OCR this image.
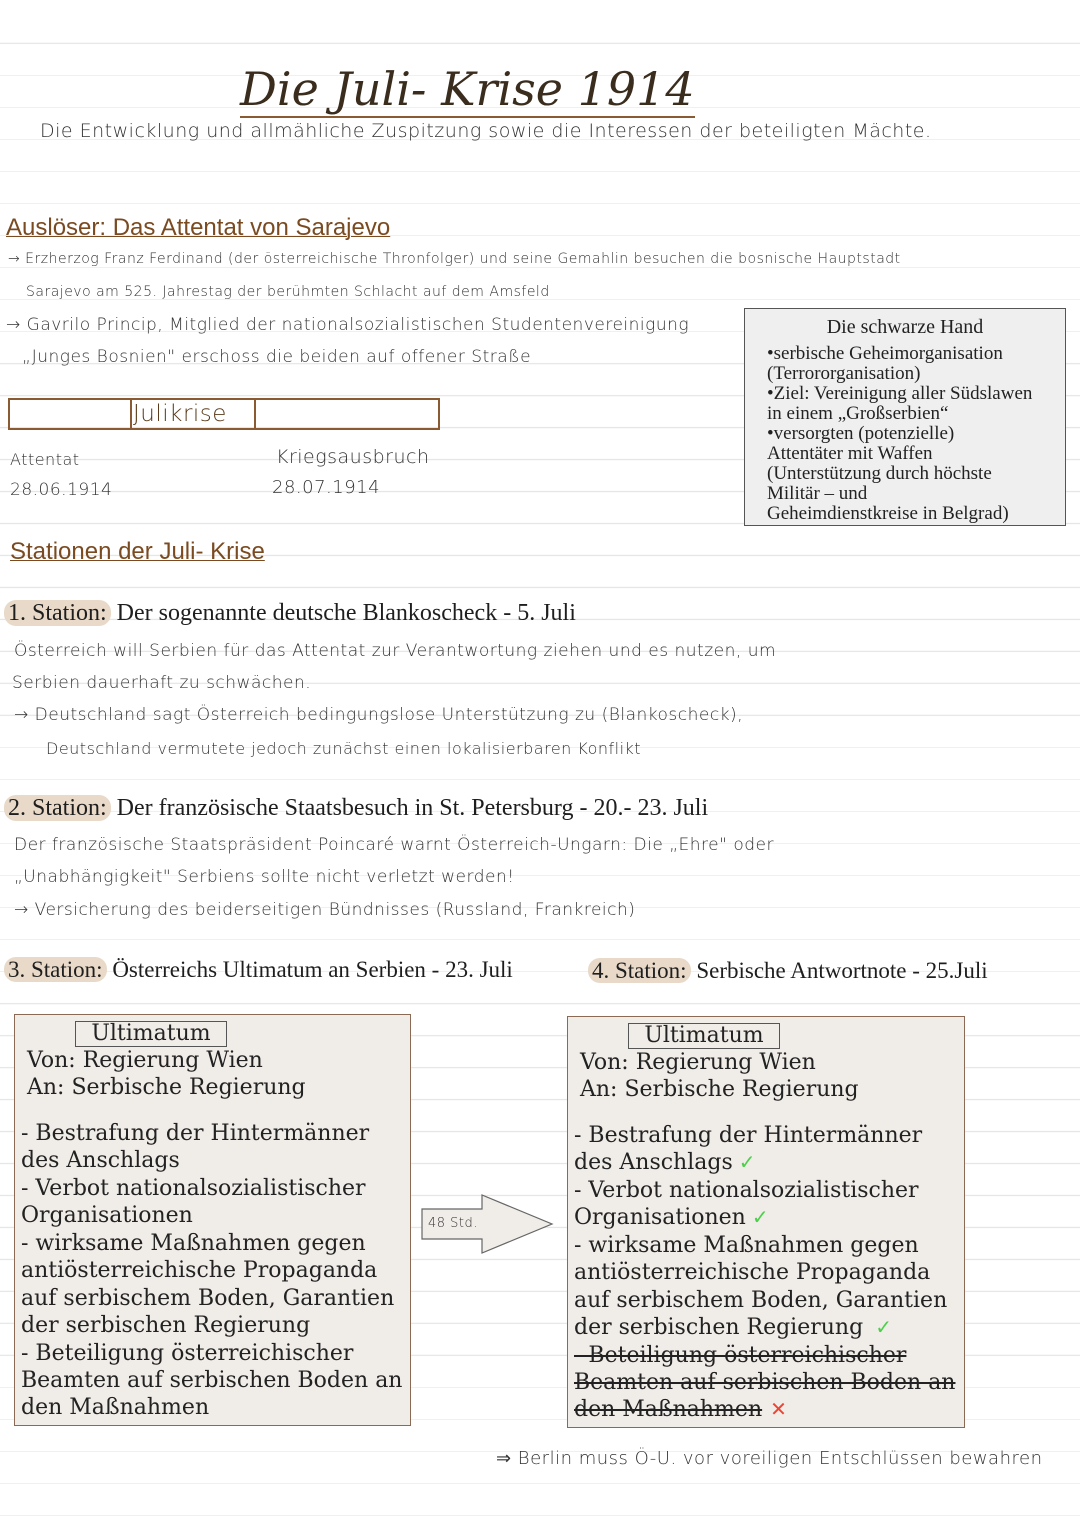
Die Juli- Krise 1914
Die Entwicklung und allmähliche Zuspitzung sowie die Interessen der beteiligten Mächte.
Auslöser: Das Attentat von Sarajevo
→ Erzherzog Franz Ferdinand (der österreichische Thronfolger) und seine Gemahlin besuchen die bosnische Hauptstadt
Sarajevo am 525. Jahrestag der berühmten Schlacht auf dem Amsfeld
→ Gavrilo Princip, Mitglied der nationalsozialistischen Studentenvereinigung
„Junges Bosnien" erschoss die beiden auf offener Straße
Julikrise
Attentat
28.06.1914
Kriegsausbruch
28.07.1914
Die schwarze Hand
•serbische Geheimorganisation
(Terrororganisation)
•Ziel: Vereinigung aller Südslawen
in einem „Großserbien“
•versorgten (potenzielle)
Attentäter mit Waffen
(Unterstützung durch höchste
Militär – und
Geheimdienstkreise in Belgrad)
Stationen der Juli- Krise
1. Station: Der sogenannte deutsche Blankoscheck - 5. Juli
Österreich will Serbien für das Attentat zur Verantwortung ziehen und es nutzen, um
Serbien dauerhaft zu schwächen.
→ Deutschland sagt Österreich bedingungslose Unterstützung zu (Blankoscheck),
Deutschland vermutete jedoch zunächst einen lokalisierbaren Konflikt
2. Station: Der französische Staatsbesuch in St. Petersburg - 20.- 23. Juli
Der französische Staatspräsident Poincaré warnt Österreich-Ungarn: Die „Ehre" oder
„Unabhängigkeit" Serbiens sollte nicht verletzt werden!
→ Versicherung des beiderseitigen Bündnisses (Russland, Frankreich)
3. Station: Österreichs Ultimatum an Serbien - 23. Juli	4. Station: Serbische Antwortnote - 25.Juli
Ultimatum
Von: Regierung Wien
An: Serbische Regierung
- Bestrafung der Hintermänner
des Anschlags
- Verbot nationalsozialistischer
Organisationen
- wirksame Maßnahmen gegen
antiösterreichische Propaganda
auf serbischem Boden, Garantien
der serbischen Regierung
- Beteiligung österreichischer
Beamten auf serbischen Boden an
den Maßnahmen
48 Std.
Ultimatum
Von: Regierung Wien
An: Serbische Regierung
- Bestrafung der Hintermänner
des Anschlags ✓
- Verbot nationalsozialistischer
Organisationen ✓
- wirksame Maßnahmen gegen
antiösterreichische Propaganda
auf serbischem Boden, Garantien
der serbischen Regierung ✓
- Beteiligung österreichischer
Beamten auf serbischen Boden an
den Maßnahmen ✕
⇒ Berlin muss Ö-U. vor voreiligen Entschlüssen bewahren
